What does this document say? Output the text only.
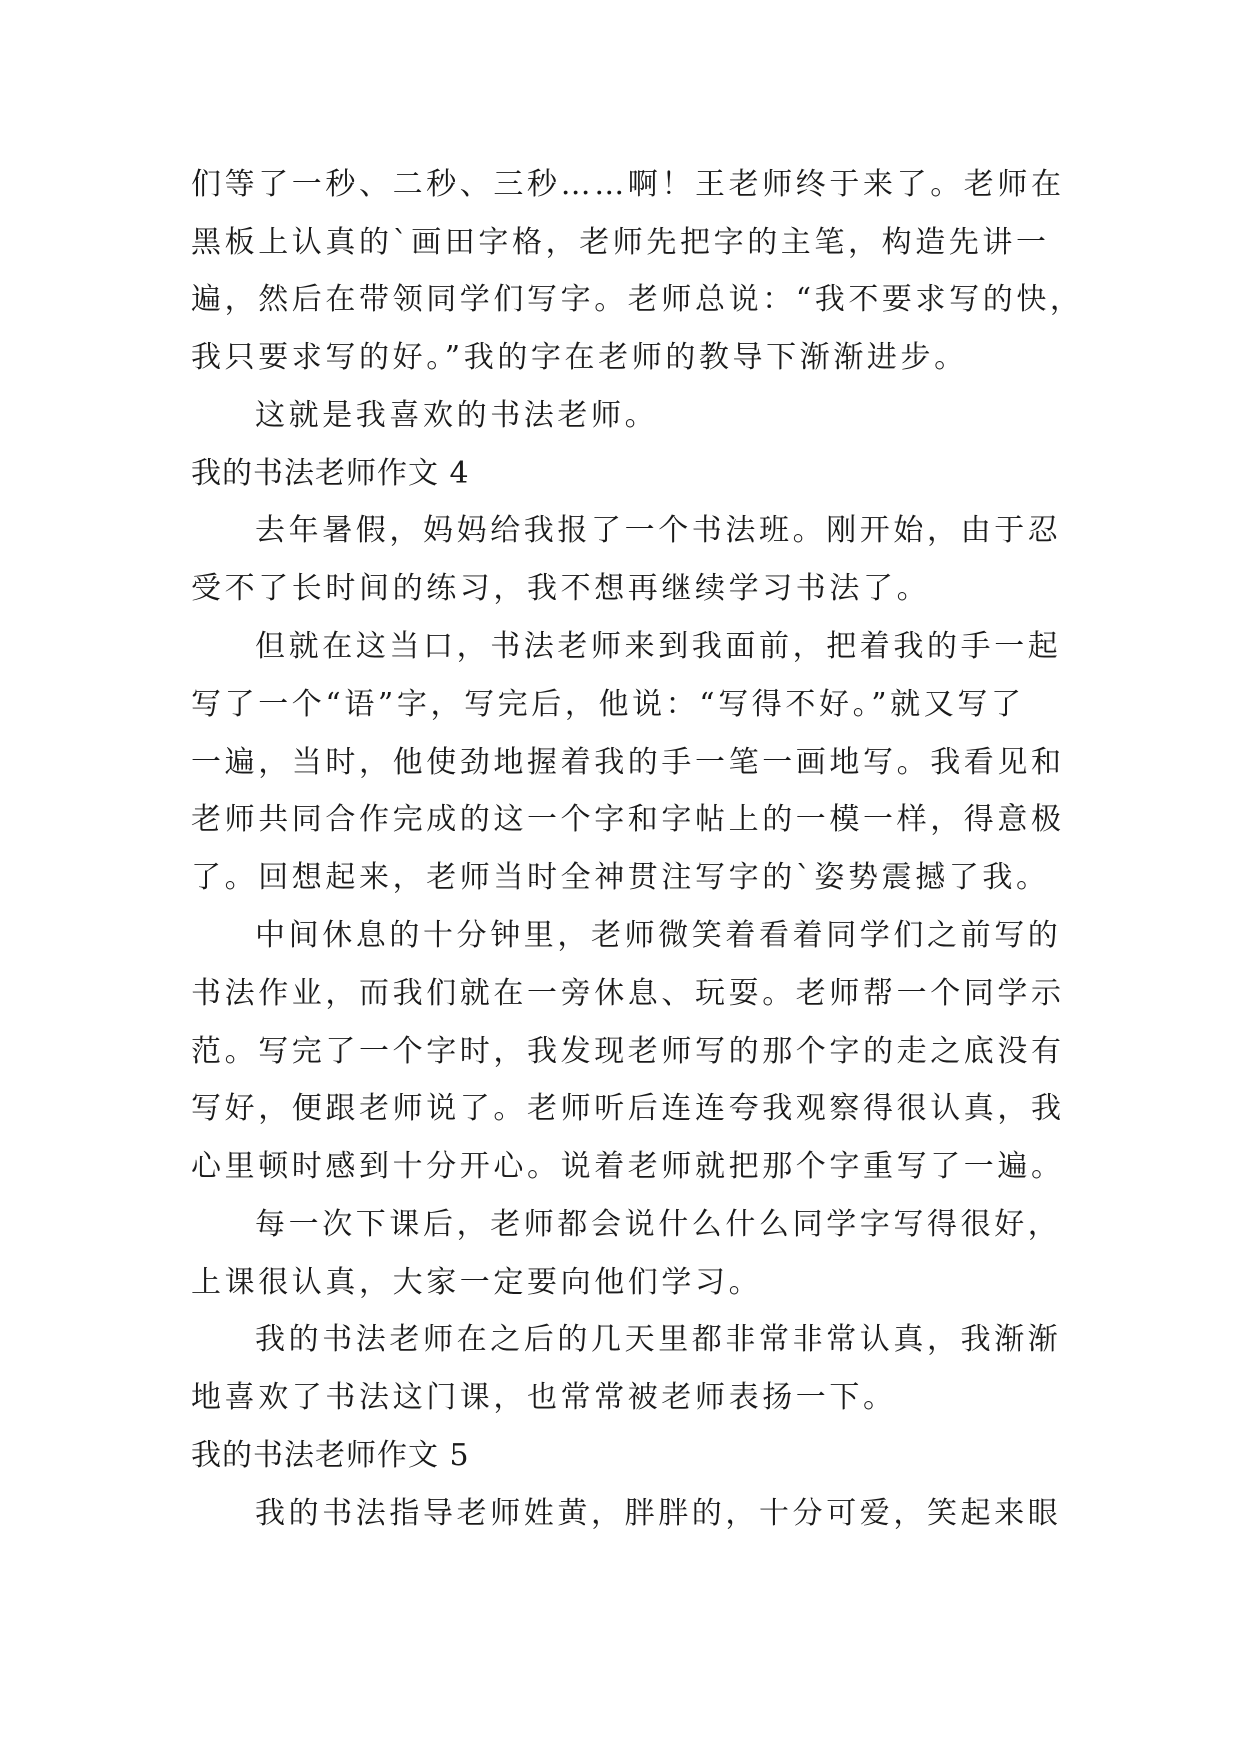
们等了一秒、二秒、三秒……啊！王老师终于来了。老师在
黑板上认真的`画田字格，老师先把字的主笔，构造先讲一
遍，然后在带领同学们写字。老师总说：“我不要求写的快，
我只要求写的好。”我的字在老师的教导下渐渐进步。
这就是我喜欢的书法老师。
我的书法老师作文 4
去年暑假，妈妈给我报了一个书法班。刚开始，由于忍
受不了长时间的练习，我不想再继续学习书法了。
但就在这当口，书法老师来到我面前，把着我的手一起
写了一个“语”字，写完后，他说：“写得不好。”就又写了
一遍，当时，他使劲地握着我的手一笔一画地写。我看见和
老师共同合作完成的这一个字和字帖上的一模一样，得意极
了。回想起来，老师当时全神贯注写字的`姿势震撼了我。
中间休息的十分钟里，老师微笑着看着同学们之前写的
书法作业，而我们就在一旁休息、玩耍。老师帮一个同学示
范。写完了一个字时，我发现老师写的那个字的走之底没有
写好，便跟老师说了。老师听后连连夸我观察得很认真，我
心里顿时感到十分开心。说着老师就把那个字重写了一遍。
每一次下课后，老师都会说什么什么同学字写得很好，
上课很认真，大家一定要向他们学习。
我的书法老师在之后的几天里都非常非常认真，我渐渐
地喜欢了书法这门课，也常常被老师表扬一下。
我的书法老师作文 5
我的书法指导老师姓黄，胖胖的，十分可爱，笑起来眼
